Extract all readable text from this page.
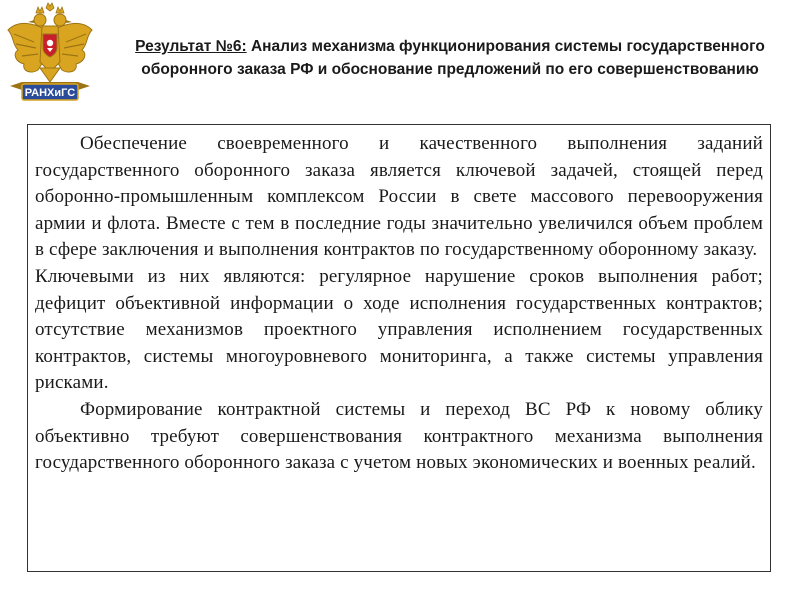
РАНХиГС
Результат №6: Анализ механизма функционирования системы государственного оборонного заказа РФ и обоснование предложений по его совершенствованию

Обеспечение своевременного и качественного выполнения заданий государственного оборонного заказа является ключевой задачей, стоящей перед оборонно-промышленным комплексом России в свете массового перевооружения армии и флота. Вместе с тем в последние годы значительно увеличился объем проблем в сфере заключения и выполнения контрактов по государственному оборонному заказу.

Ключевыми из них являются: регулярное нарушение сроков выполнения работ; дефицит объективной информации о ходе исполнения государственных контрактов; отсутствие механизмов проектного управления исполнением государственных контрактов, системы многоуровневого мониторинга, а также системы управления рисками.

Формирование контрактной системы и переход ВС РФ к новому облику объективно требуют совершенствования контрактного механизма выполнения государственного оборонного заказа с учетом новых экономических и военных реалий.
